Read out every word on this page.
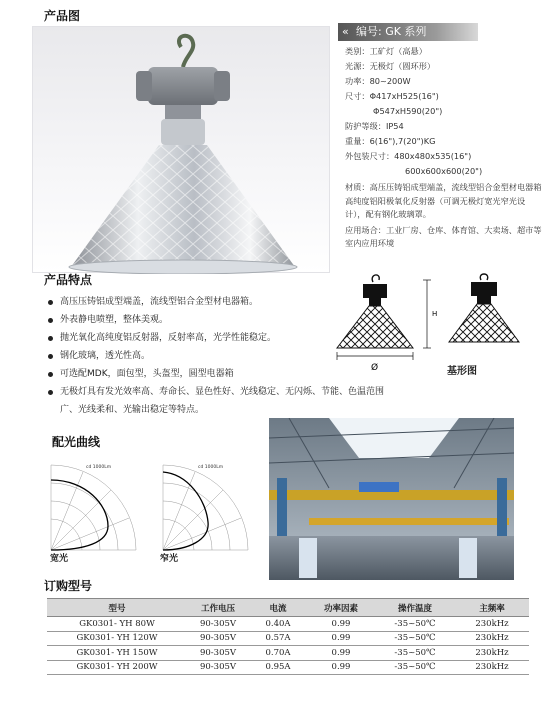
产品图
« 编号: GK 系列
类别：工矿灯（高悬）
光源：无极灯（圆环形）
功率：80~200W
尺寸：Φ417xH525(16")
Φ547xH590(20")
防护等级：IP54
重量：6(16"),7(20")KG
外包装尺寸：480x480x535(16")
600x600x600(20")
材质：高压压铸铝成型端盖，流线型铝合金型材电器箱高纯度铝阳极氧化反射器（可调无极灯宽光窄光设计），配有钢化玻璃罩。
应用场合：工业厂房、仓库、体育馆、大卖场、超市等室内应用环境
产品特点
高压压铸铝成型端盖，流线型铝合金型材电器箱。
外表静电喷塑，整体美观。
抛光氧化高纯度铝反射器，反射率高，光学性能稳定。
钢化玻璃，透光性高。
可选配MDK，面包型，头盔型，圆型电器箱
无极灯具有发光效率高、寿命长、显色性好、光线稳定、无闪烁、节能、色温范围
广、光线柔和、光输出稳定等特点。
Ø
H
基形图
配光曲线
cd 1000Lm
宽光
cd 1000Lm
窄光
订购型号
型号	工作电压	电流	功率因素	操作温度	主频率
GK0301- YH 80W	90-305V	0.40A	0.99	-35~50℃	230kHz
GK0301- YH 120W	90-305V	0.57A	0.99	-35~50℃	230kHz
GK0301- YH 150W	90-305V	0.70A	0.99	-35~50℃	230kHz
GK0301- YH 200W	90-305V	0.95A	0.99	-35~50℃	230kHz
